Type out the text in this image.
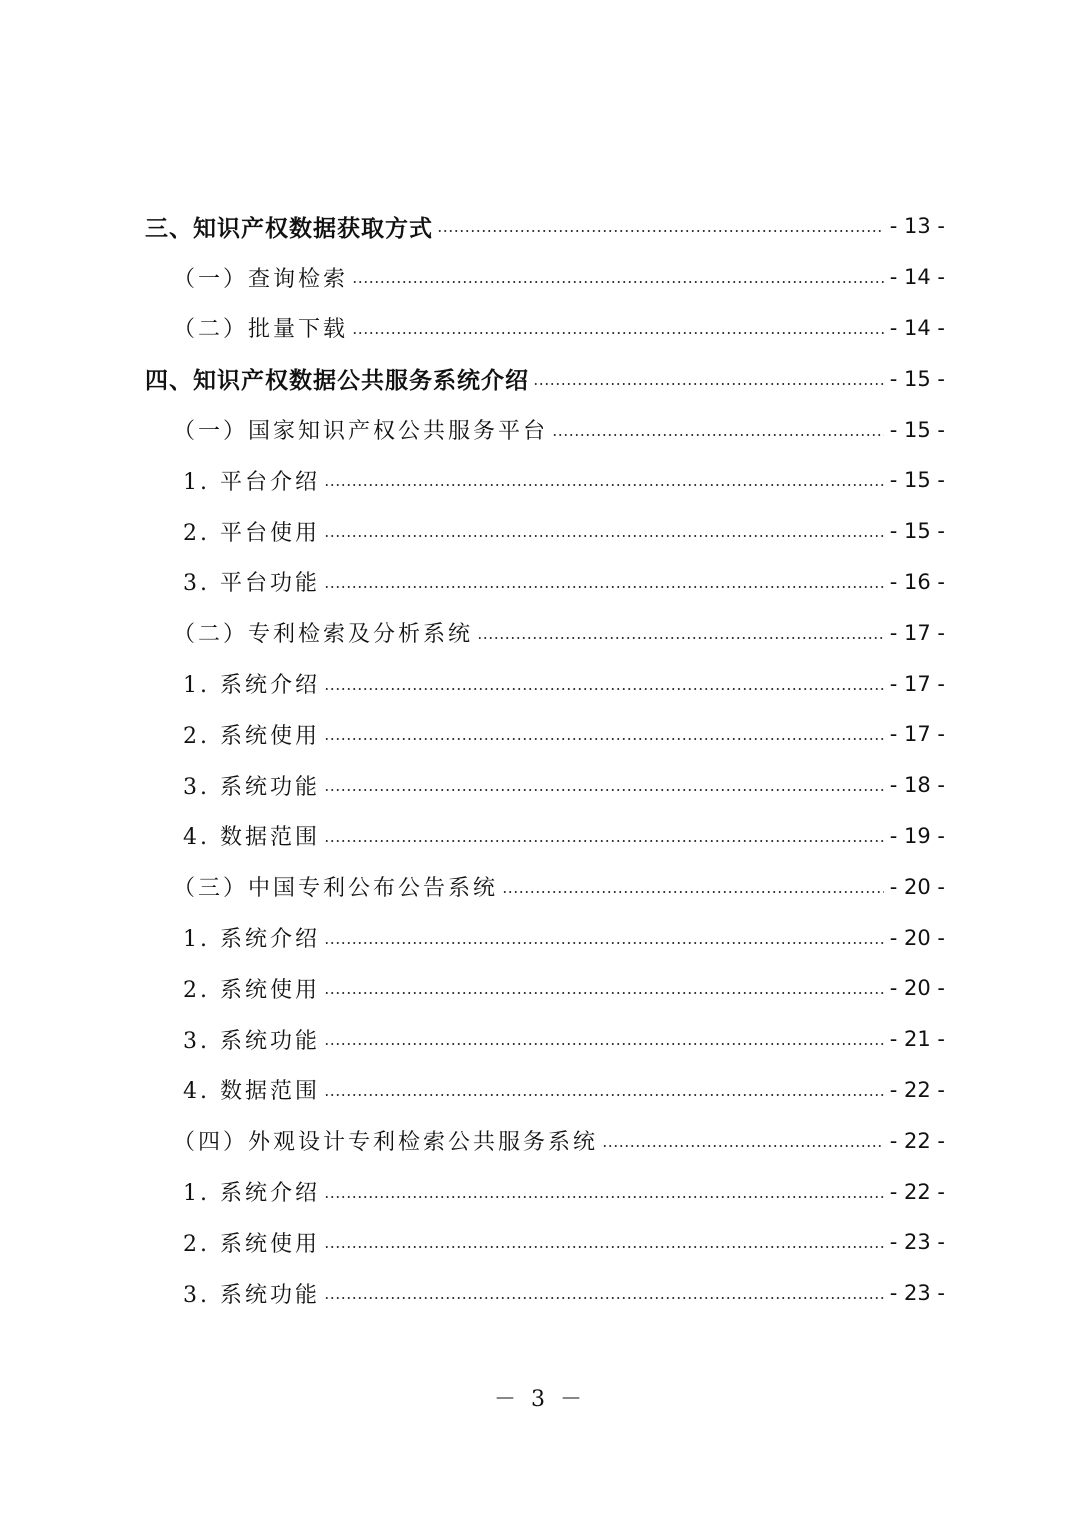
三、知识产权数据获取方式	- 13 -
（一）查询检索	- 14 -
（二）批量下载	- 14 -
四、知识产权数据公共服务系统介绍	- 15 -
（一）国家知识产权公共服务平台	- 15 -
1. 平台介绍	- 15 -
2. 平台使用	- 15 -
3. 平台功能	- 16 -
（二）专利检索及分析系统	- 17 -
1. 系统介绍	- 17 -
2. 系统使用	- 17 -
3. 系统功能	- 18 -
4. 数据范围	- 19 -
（三）中国专利公布公告系统	- 20 -
1. 系统介绍	- 20 -
2. 系统使用	- 20 -
3. 系统功能	- 21 -
4. 数据范围	- 22 -
（四）外观设计专利检索公共服务系统	- 22 -
1. 系统介绍	- 22 -
2. 系统使用	- 23 -
3. 系统功能	- 23 -
－ 3 －
